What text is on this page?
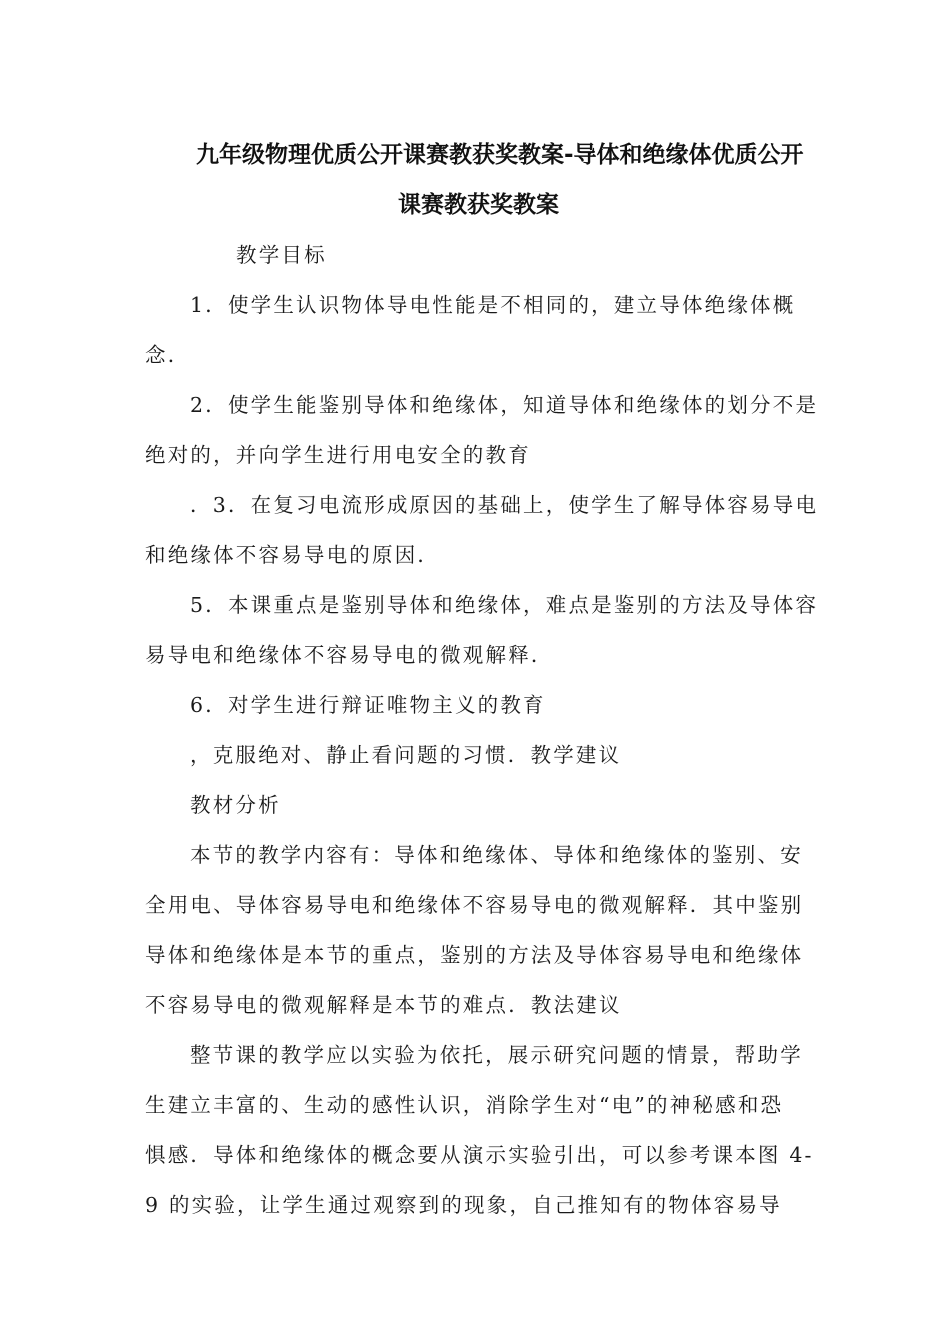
九年级物理优质公开课赛教获奖教案-导体和绝缘体优质公开
课赛教获奖教案
教学目标
1．使学生认识物体导电性能是不相同的，建立导体绝缘体概
念．
2．使学生能鉴别导体和绝缘体，知道导体和绝缘体的划分不是
绝对的，并向学生进行用电安全的教育
．3．在复习电流形成原因的基础上，使学生了解导体容易导电
和绝缘体不容易导电的原因．
5．本课重点是鉴别导体和绝缘体，难点是鉴别的方法及导体容
易导电和绝缘体不容易导电的微观解释．
6．对学生进行辩证唯物主义的教育
，克服绝对、静止看问题的习惯．教学建议
教材分析
本节的教学内容有：导体和绝缘体、导体和绝缘体的鉴别、安
全用电、导体容易导电和绝缘体不容易导电的微观解释．其中鉴别
导体和绝缘体是本节的重点，鉴别的方法及导体容易导电和绝缘体
不容易导电的微观解释是本节的难点．教法建议
整节课的教学应以实验为依托，展示研究问题的情景，帮助学
生建立丰富的、生动的感性认识，消除学生对“电”的神秘感和恐
惧感．导体和绝缘体的概念要从演示实验引出，可以参考课本图 4-
9 的实验，让学生通过观察到的现象，自己推知有的物体容易导
